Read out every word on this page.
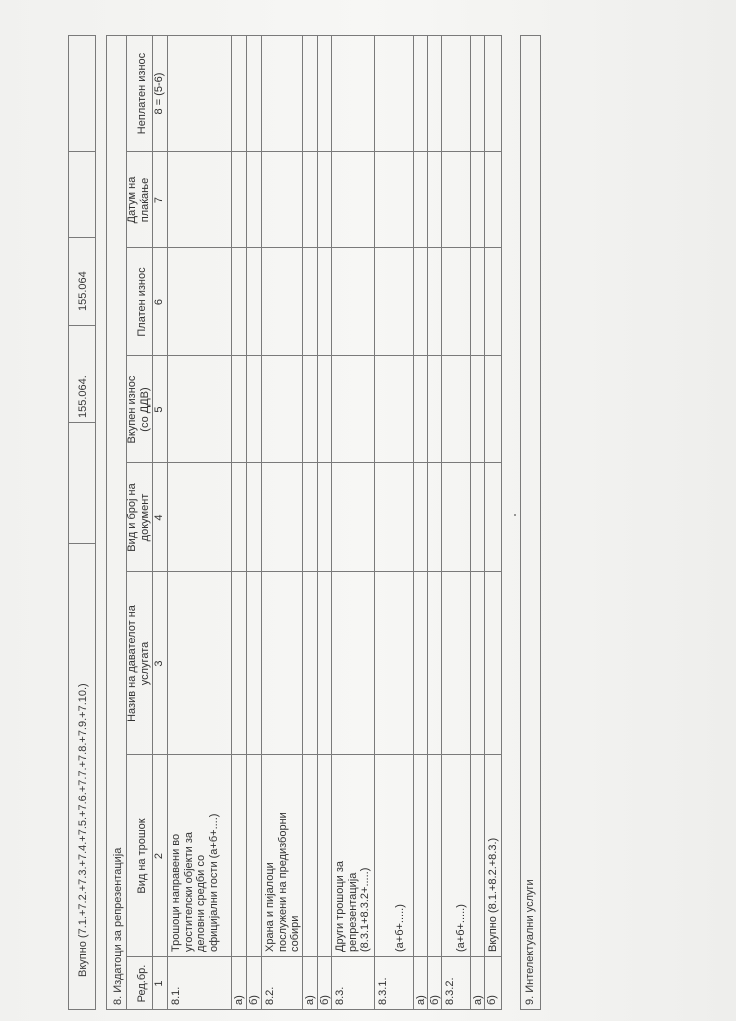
Вкупно (7.1.+7.2.+7.3.+7.4.+7.5.+7.6.+7.7.+7.8.+7.9.+7.10.)
155.064.
155.064
8. Издатоци за репрезентација Ред.бр.
Вид на трошок
Назив на давателот на услугата
Вид и број на документ
Вкупен износ (со ДДВ)
Платен износ
Датум на плаќање
Неплатен износ
1
2
3
4
5
6
7
8 = (5-6)
8.1.
Трошоци направени во угостителски објекти за деловни средби со официјални гости (а+б+....)
а) б) 8.2.
Храна и пијалоци послужени на предизборни собири
а) б) 8.3.
Други трошоци за репрезентација (8.3.1+8.3.2+.....)
8.3.1.
(а+б+.....)
а) б) 8.3.2.
(а+б+.....)
а) б)
Вкупно (8.1.+8.2.+8.3.) 9. Интелектуални услуги
